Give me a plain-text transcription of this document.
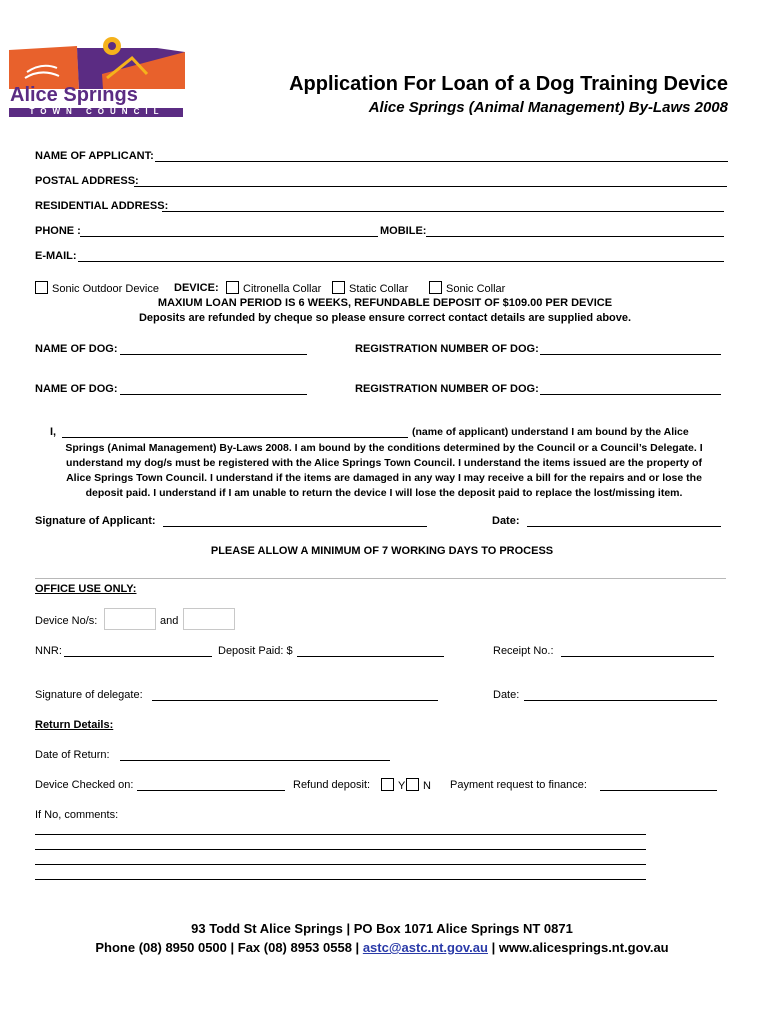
Alice Springs
TOWN COUNCIL
Application For Loan of a Dog Training Device
Alice Springs (Animal Management) By-Laws 2008
NAME OF APPLICANT:
POSTAL ADDRESS:
RESIDENTIAL ADDRESS:
PHONE :	MOBILE:
E-MAIL:
Sonic Outdoor Device DEVICE:	Citronella Collar	Static Collar	Sonic Collar
MAXIUM LOAN PERIOD IS 6 WEEKS, REFUNDABLE DEPOSIT OF $109.00 PER DEVICE
Deposits are refunded by cheque so please ensure correct contact details are supplied above.
NAME OF DOG:	REGISTRATION NUMBER OF DOG:
NAME OF DOG:	REGISTRATION NUMBER OF DOG:
I,	(name of applicant) understand I am bound by the Alice
Springs (Animal Management) By-Laws 2008. I am bound by the conditions determined by the Council or a Council’s Delegate. I
understand my dog/s must be registered with the Alice Springs Town Council. I understand the items issued are the property of
Alice Springs Town Council. I understand if the items are damaged in any way I may receive a bill for the repairs and or lose the
deposit paid. I understand if I am unable to return the device I will lose the deposit paid to replace the lost/missing item.
Signature of Applicant:	Date:
PLEASE ALLOW A MINIMUM OF 7 WORKING DAYS TO PROCESS
OFFICE USE ONLY:
Device No/s:	and
NNR:	Deposit Paid: $	Receipt No.:
Signature of delegate:	Date:
Return Details:
Date of Return:
Device Checked on:	Refund deposit:	Y	N Payment request to finance:
If No, comments:
93 Todd St Alice Springs | PO Box 1071 Alice Springs NT 0871
Phone (08) 8950 0500 | Fax (08) 8953 0558 | astc@astc.nt.gov.au | www.alicesprings.nt.gov.au
